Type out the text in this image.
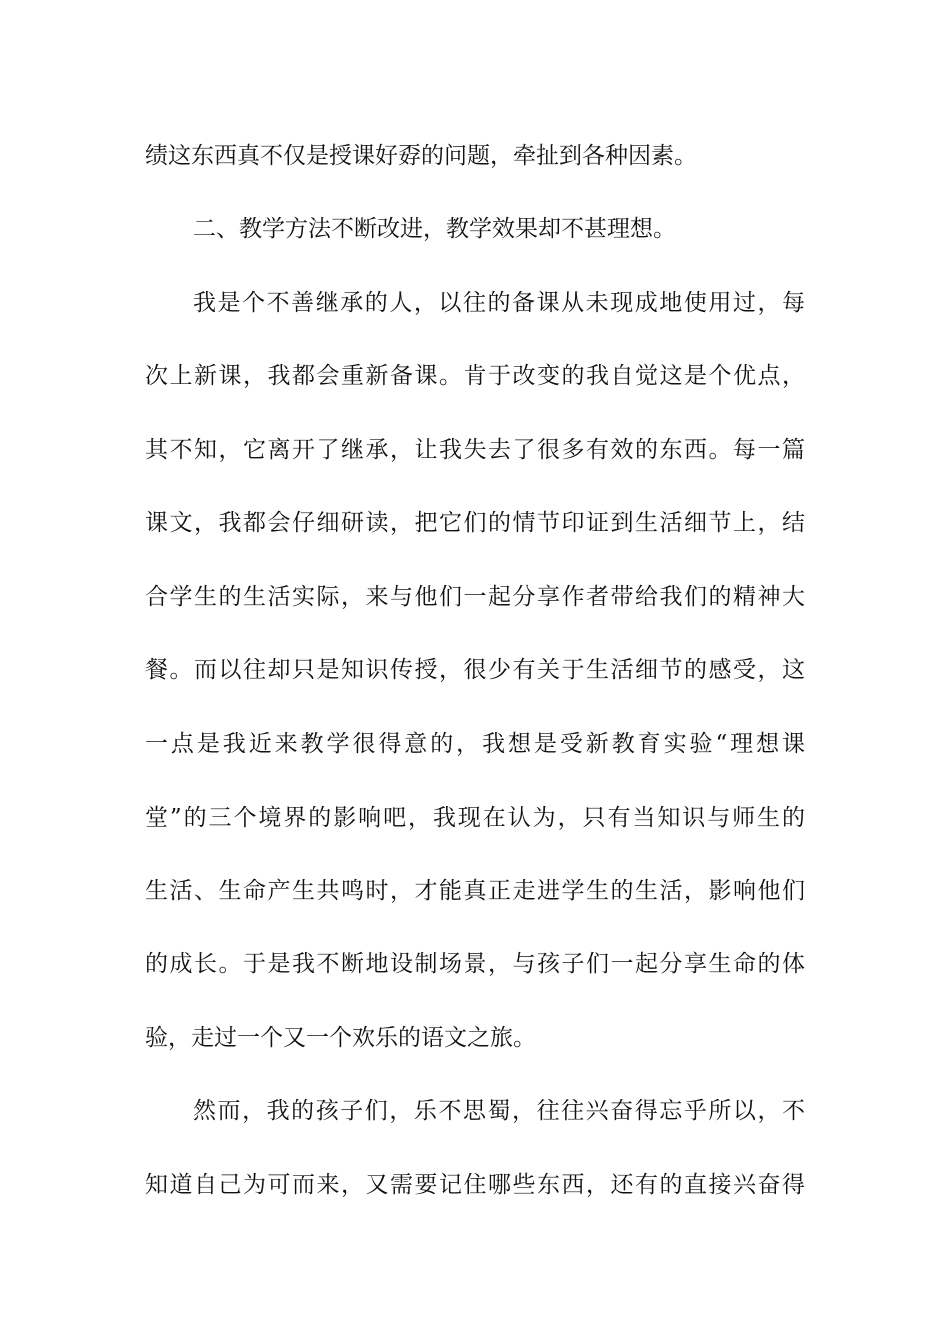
绩这东西真不仅是授课好孬的问题，牵扯到各种因素。
二、教学方法不断改进，教学效果却不甚理想。
我是个不善继承的人，以往的备课从未现成地使用过，每
次上新课，我都会重新备课。肯于改变的我自觉这是个优点，
其不知，它离开了继承，让我失去了很多有效的东西。每一篇
课文，我都会仔细研读，把它们的情节印证到生活细节上，结
合学生的生活实际，来与他们一起分享作者带给我们的精神大
餐。而以往却只是知识传授，很少有关于生活细节的感受，这
一点是我近来教学很得意的，我想是受新教育实验“理想课
堂”的三个境界的影响吧，我现在认为，只有当知识与师生的
生活、生命产生共鸣时，才能真正走进学生的生活，影响他们
的成长。于是我不断地设制场景，与孩子们一起分享生命的体
验，走过一个又一个欢乐的语文之旅。
然而，我的孩子们，乐不思蜀，往往兴奋得忘乎所以，不
知道自己为可而来，又需要记住哪些东西，还有的直接兴奋得
